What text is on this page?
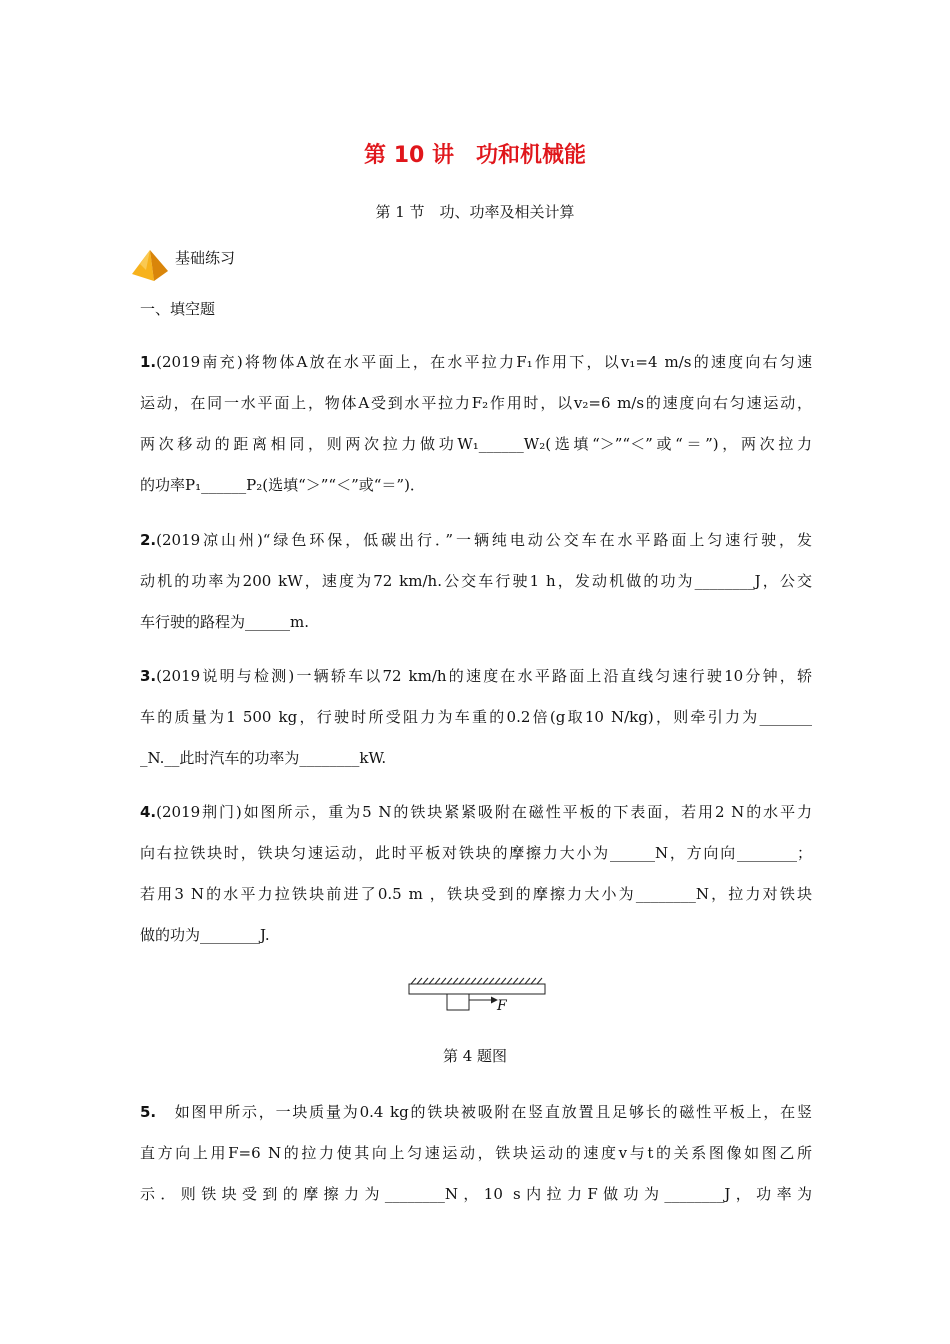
第 10 讲　功和机械能
第 1 节　功、功率及相关计算
基础练习
一、填空题
1.(2019南充)将物体A放在水平面上，在水平拉力F₁作用下，以v₁=4 m/s的速度向右匀速
运动，在同一水平面上，物体A受到水平拉力F₂作用时，以v₂=6 m/s的速度向右匀速运动，
两次移动的距离相同，则两次拉力做功W₁______W₂(选填“＞”“＜”或“＝”)，两次拉力
的功率P₁______P₂(选填“＞”“＜”或“＝”)．
2.(2019凉山州)“绿色环保，低碳出行．”一辆纯电动公交车在水平路面上匀速行驶，发
动机的功率为200 kW，速度为72 km/h.公交车行驶1 h，发动机做的功为________J，公交
车行驶的路程为______m.
3.(2019说明与检测)一辆轿车以72 km/h的速度在水平路面上沿直线匀速行驶10分钟，轿
车的质量为1 500 kg，行驶时所受阻力为车重的0.2倍(g取10 N/kg)，则牵引力为_______
_N.__此时汽车的功率为________kW.
4.(2019荆门)如图所示，重为5 N的铁块紧紧吸附在磁性平板的下表面，若用2 N的水平力
向右拉铁块时，铁块匀速运动，此时平板对铁块的摩擦力大小为______N，方向向________；
若用3 N的水平力拉铁块前进了0.5 m ，铁块受到的摩擦力大小为________N，拉力对铁块
做的功为________J.
F
第 4 题图
5.　如图甲所示，一块质量为0.4 kg的铁块被吸附在竖直放置且足够长的磁性平板上，在竖
直方向上用F=6 N的拉力使其向上匀速运动，铁块运动的速度v与t的关系图像如图乙所
示．则铁块受到的摩擦力为________N，10 s内拉力F做功为________J，功率为
